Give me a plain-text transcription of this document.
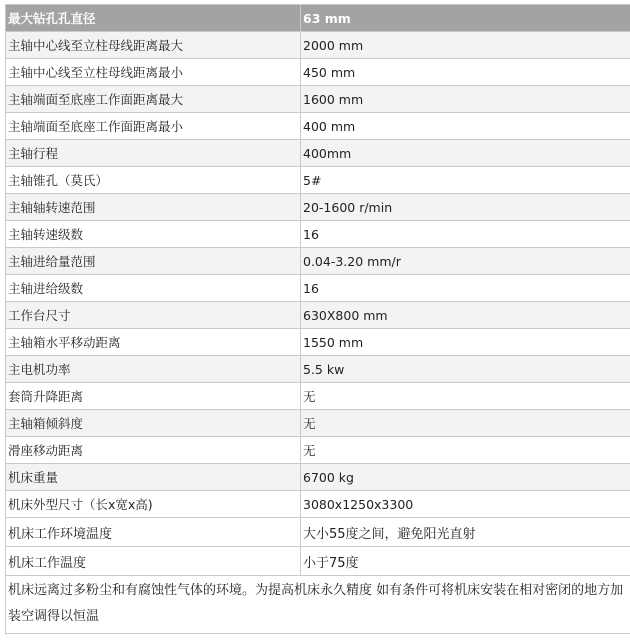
最大钻孔孔直径	63 mm
主轴中心线至立柱母线距离最大	2000 mm
主轴中心线至立柱母线距离最小	450 mm
主轴端面至底座工作面距离最大	1600 mm
主轴端面至底座工作面距离最小	400 mm
主轴行程	400mm
主轴锥孔（莫氏）	5#
主轴轴转速范围	20-1600 r/min
主轴转速级数	16
主轴进给量范围	0.04-3.20 mm/r
主轴进给级数	16
工作台尺寸	630X800 mm
主轴箱水平移动距离	1550 mm
主电机功率	5.5 kw
套筒升降距离	无
主轴箱倾斜度	无
滑座移动距离	无
机床重量	6700 kg
机床外型尺寸（长x宽x高)	3080x1250x3300
机床工作环境温度	大小55度之间，避免阳光直射
机床工作温度	小于75度
机床远离过多粉尘和有腐蚀性气体的环境。为提高机床永久精度 如有条件可将机床安装在相对密闭的地方加装空调得以恒温	
